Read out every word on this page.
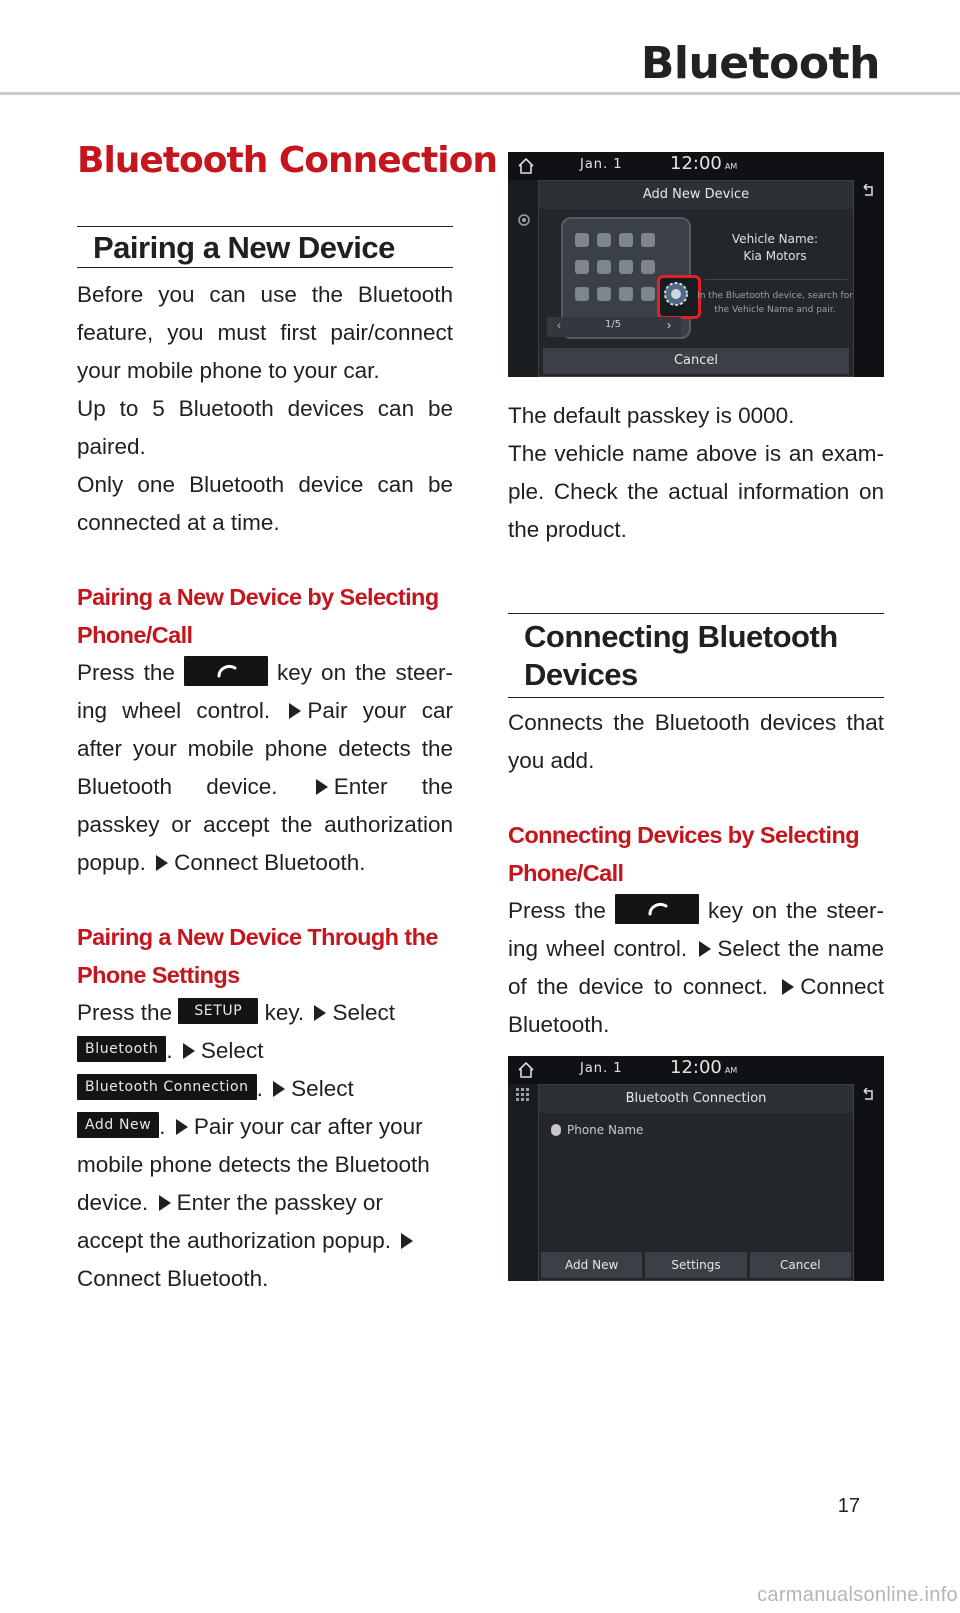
Bluetooth
Bluetooth Connection
Pairing a New Device

Before you can use the Bluetooth feature, you must first pair/connect your mobile phone to your car.

Up to 5 Bluetooth devices can be paired.

Only one Bluetooth device can be connected at a time.

Pairing a New Device by Selecting Phone/Call

Press the	key on the steer-ing wheel control. Pair your car after your mobile phone detects the Bluetooth device. Enter the passkey or accept the authorization popup. Connect Bluetooth.

Pairing a New Device Through the Phone Settings

Press the SETUP key. Select
Bluetooth . Select
Bluetooth Connection . Select
Add New . Pair your car after your mobile phone detects the Bluetooth device. Enter the passkey or accept the authorization popup. Connect Bluetooth.

Jan. 1	12:00 AM
Add New Device

‹	1/5	›
Vehicle Name:
Kia Motors
In the Bluetooth device, search for the Vehicle Name and pair.
Cancel

The default passkey is 0000.

The vehicle name above is an exam-ple. Check the actual information on the product.

Connecting Bluetooth Devices

Connects the Bluetooth devices that you add.

Connecting Devices by Selecting Phone/Call

Press the	key on the steer-ing wheel control. Select the name of the device to connect. Connect Bluetooth.

Jan. 1	12:00 AM
Bluetooth Connection
Phone Name
Add New	Settings	Cancel
17
carmanualsonline.info
